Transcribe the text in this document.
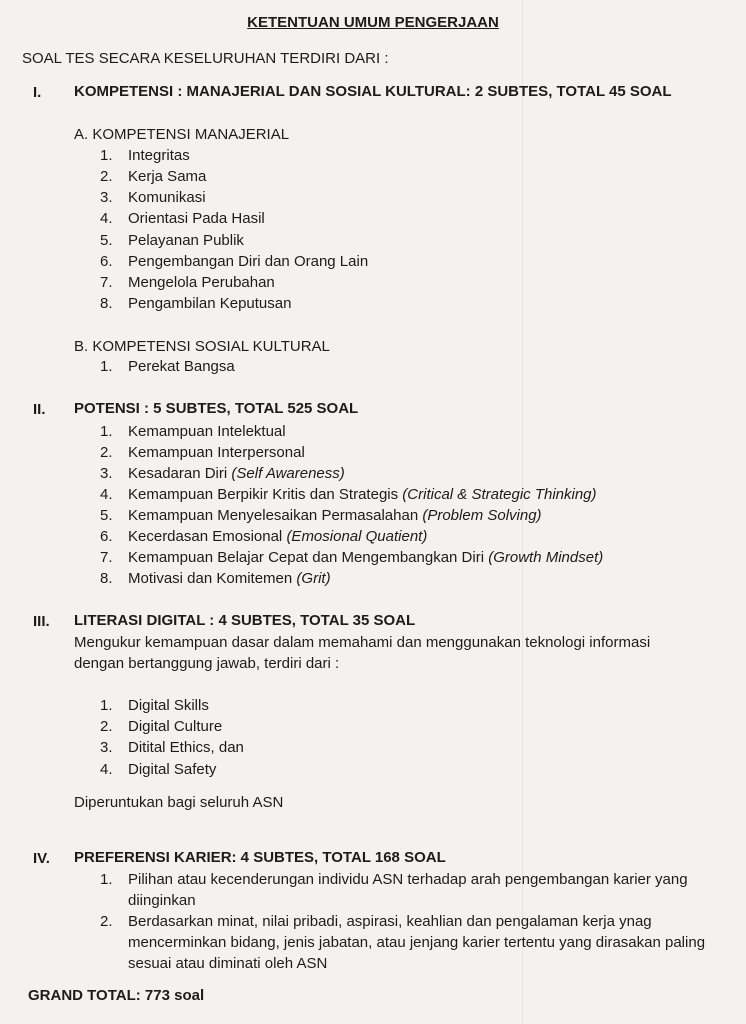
KETENTUAN UMUM PENGERJAAN
SOAL TES SECARA KESELURUHAN TERDIRI DARI :
I. KOMPETENSI : MANAJERIAL DAN SOSIAL KULTURAL: 2 SUBTES, TOTAL 45 SOAL
A. KOMPETENSI MANAJERIAL
1. Integritas
2. Kerja Sama
3. Komunikasi
4. Orientasi Pada Hasil
5. Pelayanan Publik
6. Pengembangan Diri dan Orang Lain
7. Mengelola Perubahan
8. Pengambilan Keputusan
B. KOMPETENSI SOSIAL KULTURAL
1. Perekat Bangsa
II. POTENSI : 5 SUBTES, TOTAL 525 SOAL
1. Kemampuan Intelektual
2. Kemampuan Interpersonal
3. Kesadaran Diri (Self Awareness)
4. Kemampuan Berpikir Kritis dan Strategis (Critical & Strategic Thinking)
5. Kemampuan Menyelesaikan Permasalahan (Problem Solving)
6. Kecerdasan Emosional (Emosional Quatient)
7. Kemampuan Belajar Cepat dan Mengembangkan Diri (Growth Mindset)
8. Motivasi dan Komitemen (Grit)
III. LITERASI DIGITAL : 4 SUBTES, TOTAL 35 SOAL
Mengukur kemampuan dasar dalam memahami dan menggunakan teknologi informasi dengan bertanggung jawab, terdiri dari :
1. Digital Skills
2. Digital Culture
3. Ditital Ethics, dan
4. Digital Safety
Diperuntukan bagi seluruh ASN
IV. PREFERENSI KARIER: 4 SUBTES, TOTAL 168 SOAL
1. Pilihan atau kecenderungan individu ASN terhadap arah pengembangan karier yang diinginkan
2. Berdasarkan minat, nilai pribadi, aspirasi, keahlian dan pengalaman kerja ynag mencerminkan bidang, jenis jabatan, atau jenjang karier tertentu yang dirasakan paling sesuai atau diminati oleh ASN
GRAND TOTAL: 773 soal
